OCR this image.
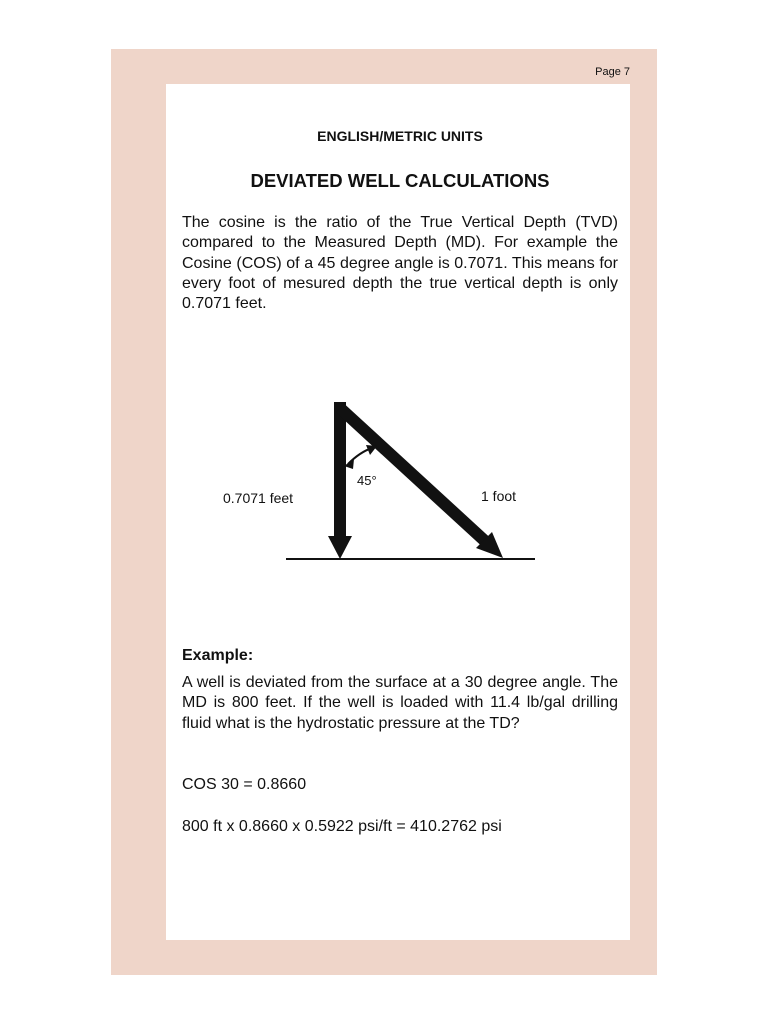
Page 7
ENGLISH/METRIC UNITS
DEVIATED WELL CALCULATIONS
The cosine is the ratio of the True Vertical Depth (TVD) compared to the Measured Depth (MD). For example the Cosine (COS) of a 45 degree angle is 0.7071. This means for every foot of mesured depth the true vertical depth is only 0.7071 feet.
0.7071 feet	1 foot
45°
Example:
A well is deviated from the surface at a 30 degree angle. The MD is 800 feet. If the well is loaded with 11.4 lb/gal drilling fluid what is the hydrostatic pressure at the TD?
COS 30 = 0.8660
800 ft x 0.8660 x 0.5922 psi/ft = 410.2762 psi
